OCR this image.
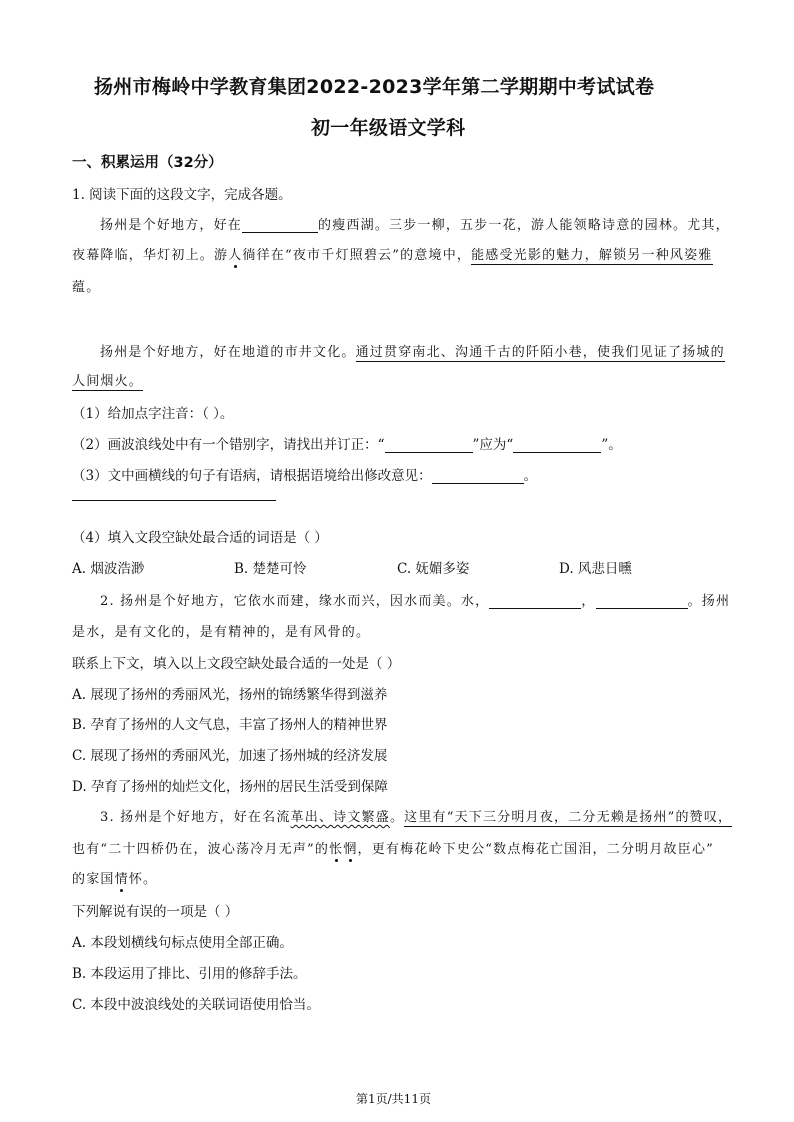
扬州市梅岭中学教育集团2022-2023学年第二学期期中考试试卷
初一年级语文学科
一、积累运用（32分）
1. 阅读下面的这段文字，完成各题。
扬州是个好地方，好在	的瘦西湖。三步一柳，五步一花，游人能领略诗意的园林。尤其，
夜幕降临，华灯初上。游人徜徉在“夜市千灯照碧云”的意境中，能感受光影的魅力，解锁另一种风姿雅
蕴。
扬州是个好地方，好在地道的市井文化。通过贯穿南北、沟通千古的阡陌小巷，使我们见证了扬城的
人间烟火。
（1）给加点字注音：（ ）。
（2）画波浪线处中有一个错别字，请找出并订正：“	”应为“	”。
（3）文中画横线的句子有语病，请根据语境给出修改意见：	。
（4）填入文段空缺处最合适的词语是（ ）
A. 烟波浩渺	B. 楚楚可怜	C. 妩媚多姿	D. 风悲日曛
2. 扬州是个好地方，它依水而建，缘水而兴，因水而美。水，	，	。扬州
是水，是有文化的，是有精神的，是有风骨的。
联系上下文，填入以上文段空缺处最合适的一处是（ ）
A. 展现了扬州的秀丽风光，扬州的锦绣繁华得到滋养
B. 孕育了扬州的人文气息，丰富了扬州人的精神世界
C. 展现了扬州的秀丽风光，加速了扬州城的经济发展
D. 孕育了扬州的灿烂文化，扬州的居民生活受到保障
3. 扬州是个好地方，好在名流革出、诗文繁盛。这里有“天下三分明月夜，二分无赖是扬州”的赞叹，
也有“二十四桥仍在，波心荡冷月无声”的怅惘，更有梅花岭下史公“数点梅花亡国泪，二分明月故臣心”
的家国情怀。
下列解说有误的一项是（ ）
A. 本段划横线句标点使用全部正确。
B. 本段运用了排比、引用的修辞手法。
C. 本段中波浪线处的关联词语使用恰当。
第1页/共11页
